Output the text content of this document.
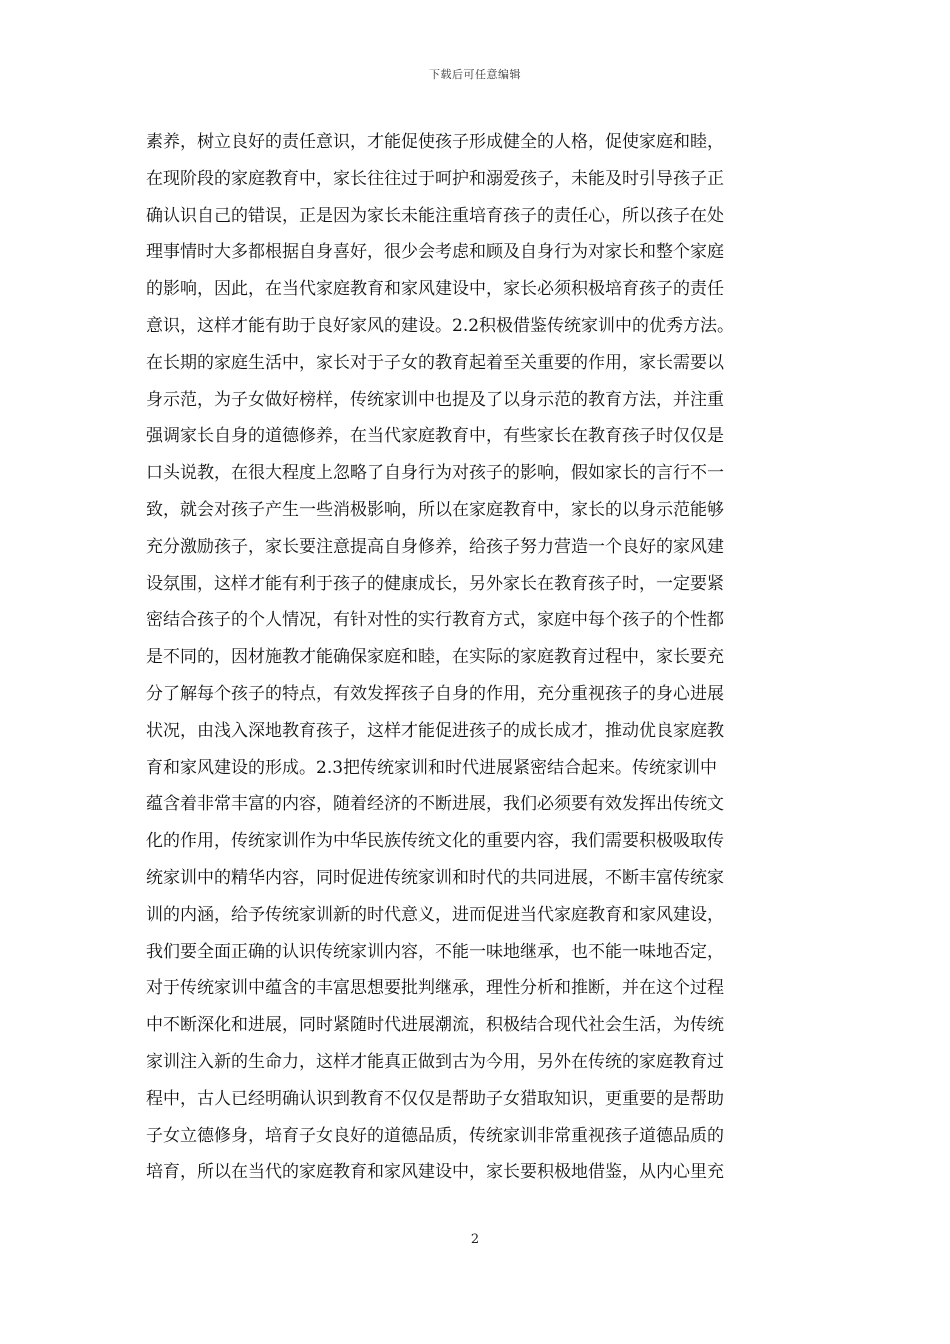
下载后可任意编辑
素养，树立良好的责任意识，才能促使孩子形成健全的人格，促使家庭和睦，
在现阶段的家庭教育中，家长往往过于呵护和溺爱孩子，未能及时引导孩子正
确认识自己的错误，正是因为家长未能注重培育孩子的责任心，所以孩子在处
理事情时大多都根据自身喜好，很少会考虑和顾及自身行为对家长和整个家庭
的影响，因此，在当代家庭教育和家风建设中，家长必须积极培育孩子的责任
意识，这样才能有助于良好家风的建设。2.2积极借鉴传统家训中的优秀方法。
在长期的家庭生活中，家长对于子女的教育起着至关重要的作用，家长需要以
身示范，为子女做好榜样，传统家训中也提及了以身示范的教育方法，并注重
强调家长自身的道德修养，在当代家庭教育中，有些家长在教育孩子时仅仅是
口头说教，在很大程度上忽略了自身行为对孩子的影响，假如家长的言行不一
致，就会对孩子产生一些消极影响，所以在家庭教育中，家长的以身示范能够
充分激励孩子，家长要注意提高自身修养，给孩子努力营造一个良好的家风建
设氛围，这样才能有利于孩子的健康成长，另外家长在教育孩子时，一定要紧
密结合孩子的个人情况，有针对性的实行教育方式，家庭中每个孩子的个性都
是不同的，因材施教才能确保家庭和睦，在实际的家庭教育过程中，家长要充
分了解每个孩子的特点，有效发挥孩子自身的作用，充分重视孩子的身心进展
状况，由浅入深地教育孩子，这样才能促进孩子的成长成才，推动优良家庭教
育和家风建设的形成。2.3把传统家训和时代进展紧密结合起来。传统家训中
蕴含着非常丰富的内容，随着经济的不断进展，我们必须要有效发挥出传统文
化的作用，传统家训作为中华民族传统文化的重要内容，我们需要积极吸取传
统家训中的精华内容，同时促进传统家训和时代的共同进展，不断丰富传统家
训的内涵，给予传统家训新的时代意义，进而促进当代家庭教育和家风建设，
我们要全面正确的认识传统家训内容，不能一味地继承，也不能一味地否定，
对于传统家训中蕴含的丰富思想要批判继承，理性分析和推断，并在这个过程
中不断深化和进展，同时紧随时代进展潮流，积极结合现代社会生活，为传统
家训注入新的生命力，这样才能真正做到古为今用，另外在传统的家庭教育过
程中，古人已经明确认识到教育不仅仅是帮助子女猎取知识，更重要的是帮助
子女立德修身，培育子女良好的道德品质，传统家训非常重视孩子道德品质的
培育，所以在当代的家庭教育和家风建设中，家长要积极地借鉴，从内心里充
2
